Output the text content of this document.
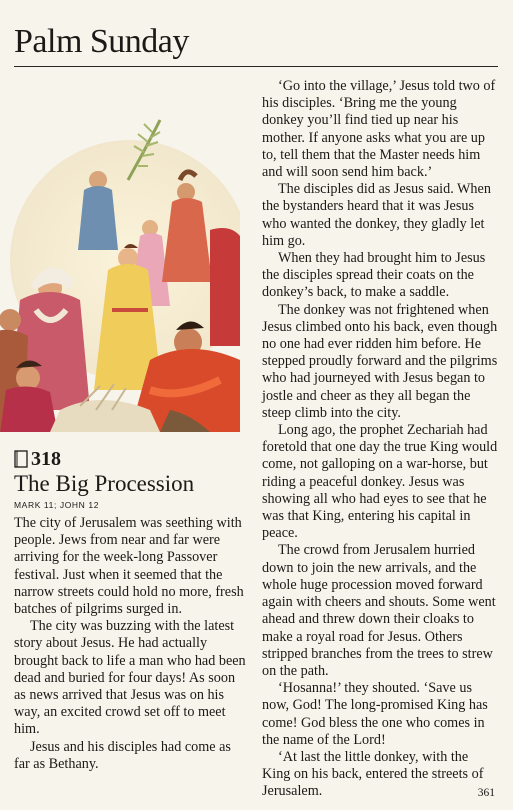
Palm Sunday
318
The Big Procession
MARK 11; JOHN 12

The city of Jerusalem was seething with people. Jews from near and far were arriving for the week-long Passover festival. Just when it seemed that the narrow streets could hold no more, fresh batches of pilgrims surged in.

The city was buzzing with the latest story about Jesus. He had actually brought back to life a man who had been dead and buried for four days! As soon as news arrived that Jesus was on his way, an excited crowd set off to meet him.

Jesus and his disciples had come as far as Bethany.

‘Go into the village,’ Jesus told two of his disciples. ‘Bring me the young donkey you’ll find tied up near his mother. If anyone asks what you are up to, tell them that the Master needs him and will soon send him back.’

The disciples did as Jesus said. When the bystanders heard that it was Jesus who wanted the donkey, they gladly let him go.

When they had brought him to Jesus the disciples spread their coats on the donkey’s back, to make a saddle.

The donkey was not frightened when Jesus climbed onto his back, even though no one had ever ridden him before. He stepped proudly forward and the pilgrims who had journeyed with Jesus began to jostle and cheer as they all began the steep climb into the city.

Long ago, the prophet Zechariah had foretold that one day the true King would come, not galloping on a war-horse, but riding a peaceful donkey. Jesus was showing all who had eyes to see that he was that King, entering his capital in peace.

The crowd from Jerusalem hurried down to join the new arrivals, and the whole huge procession moved forward again with cheers and shouts. Some went ahead and threw down their cloaks to make a royal road for Jesus. Others stripped branches from the trees to strew on the path.

‘Hosanna!’ they shouted. ‘Save us now, God! The long-promised King has come! God bless the one who comes in the name of the Lord!

‘At last the little donkey, with the King on his back, entered the streets of Jerusalem.	361
